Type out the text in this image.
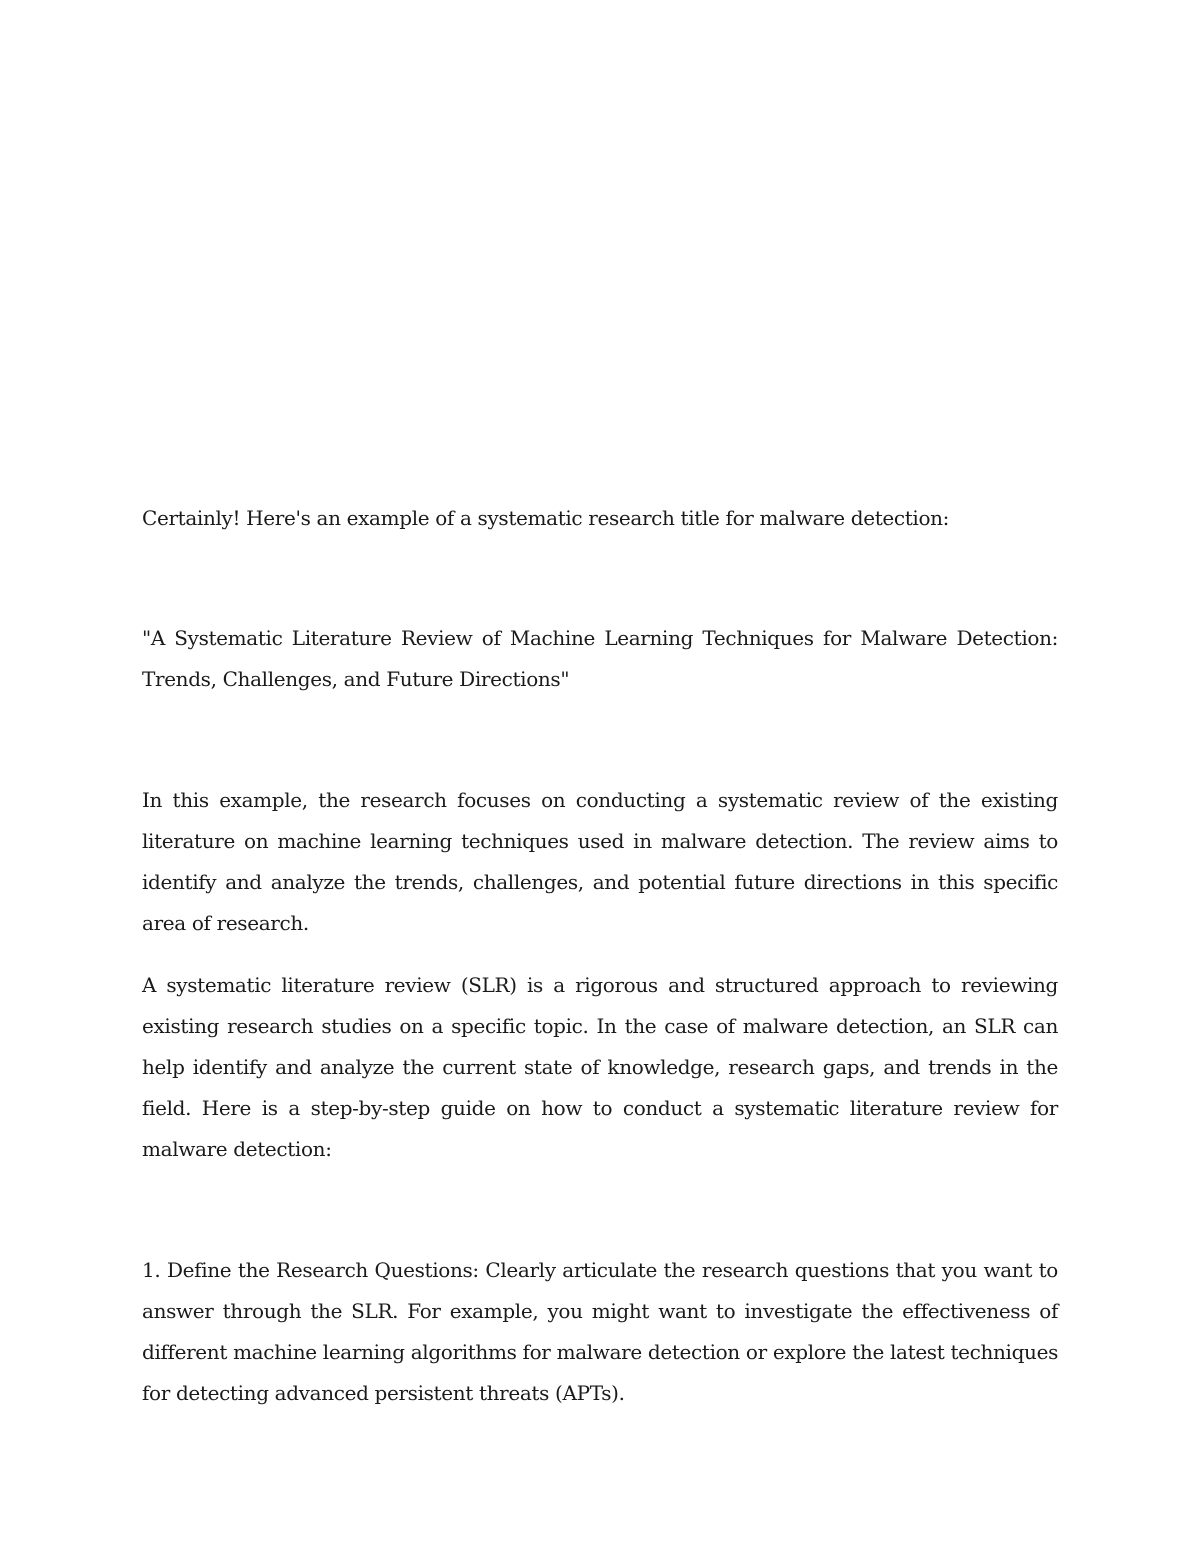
Certainly! Here's an example of a systematic research title for malware detection:

"A Systematic Literature Review of Machine Learning Techniques for Malware Detection: Trends, Challenges, and Future Directions"

In this example, the research focuses on conducting a systematic review of the existing literature on machine learning techniques used in malware detection. The review aims to identify and analyze the trends, challenges, and potential future directions in this specific area of research.

A systematic literature review (SLR) is a rigorous and structured approach to reviewing existing research studies on a specific topic. In the case of malware detection, an SLR can help identify and analyze the current state of knowledge, research gaps, and trends in the field. Here is a step-by-step guide on how to conduct a systematic literature review for malware detection:

1. Define the Research Questions: Clearly articulate the research questions that you want to answer through the SLR. For example, you might want to investigate the effectiveness of different machine learning algorithms for malware detection or explore the latest techniques for detecting advanced persistent threats (APTs).
